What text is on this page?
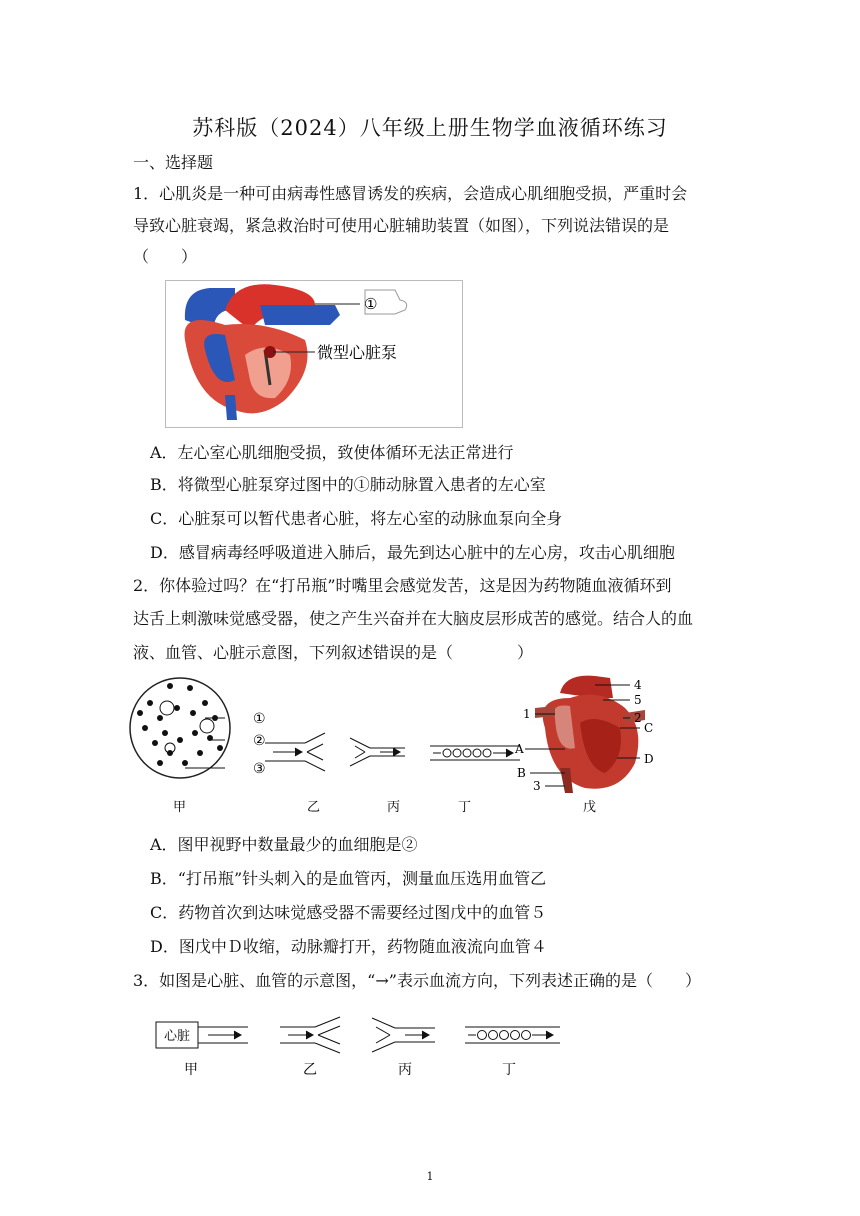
苏科版（2024）八年级上册生物学血液循环练习
一、选择题
1．心肌炎是一种可由病毒性感冒诱发的疾病，会造成心肌细胞受损，严重时会
导致心脏衰竭，紧急救治时可使用心脏辅助装置（如图），下列说法错误的是
（　　）
①
微型心脏泵
A．左心室心肌细胞受损，致使体循环无法正常进行
B．将微型心脏泵穿过图中的①肺动脉置入患者的左心室
C．心脏泵可以暂代患者心脏，将左心室的动脉血泵向全身
D．感冒病毒经呼吸道进入肺后，最先到达心脏中的左心房，攻击心肌细胞
2．你体验过吗？在“打吊瓶”时嘴里会感觉发苦，这是因为药物随血液循环到
达舌上刺激味觉感受器，使之产生兴奋并在大脑皮层形成苦的感觉。结合人的血
液、血管、心脏示意图，下列叙述错误的是（　　　　）
①
②
③
4
5
1	2
C
A
D
B
3
甲	乙	丙	丁	戊
A．图甲视野中数量最少的血细胞是②
B．“打吊瓶”针头刺入的是血管丙，测量血压选用血管乙
C．药物首次到达味觉感受器不需要经过图戊中的血管５
D．图戊中Ｄ收缩，动脉瓣打开，药物随血液流向血管４
3．如图是心脏、血管的示意图，“→”表示血流方向，下列表述正确的是（　　）
心脏
甲	乙	丙	丁
1
